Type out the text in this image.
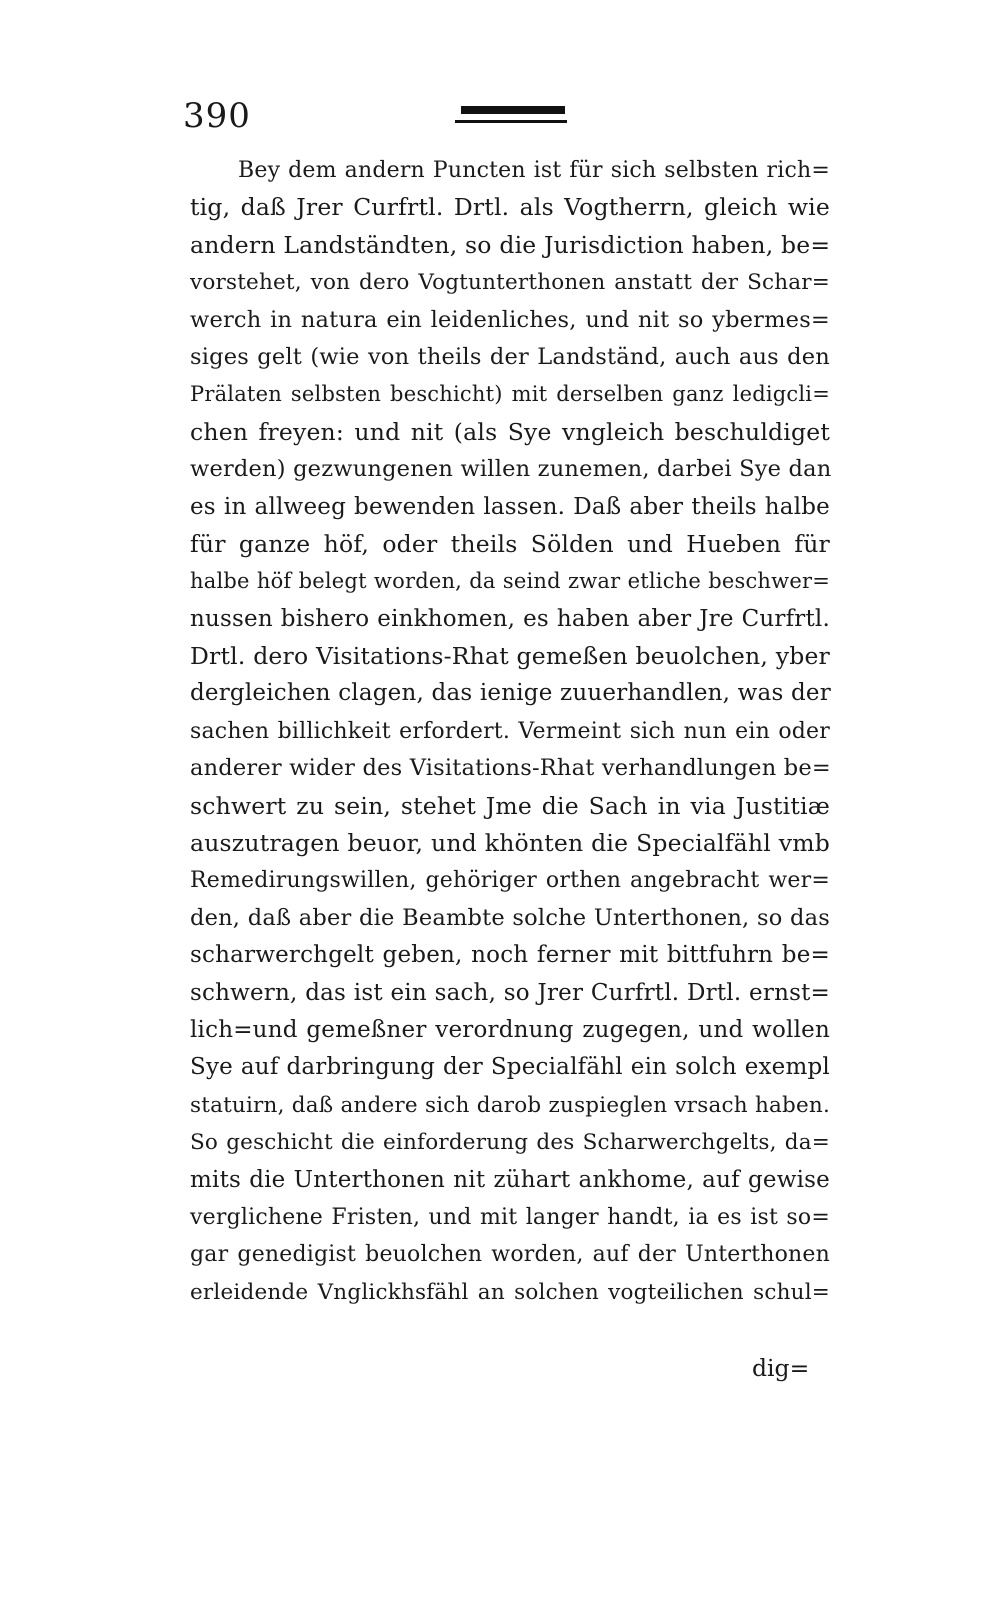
390
Bey dem andern Puncten ist für sich selbsten rich=
tig, daß Jrer Curfrtl. Drtl. als Vogtherrn, gleich wie
andern Landständten, so die Jurisdiction haben, be=
vorstehet, von dero Vogtunterthonen anstatt der Schar=
werch in natura ein leidenliches, und nit so ybermes=
siges gelt (wie von theils der Landständ, auch aus den
Prälaten selbsten beschicht) mit derselben ganz ledigcli=
chen freyen: und nit (als Sye vngleich beschuldiget
werden) gezwungenen willen zunemen, darbei Sye dan
es in allweeg bewenden lassen. Daß aber theils halbe
für ganze höf, oder theils Sölden und Hueben für
halbe höf belegt worden, da seind zwar etliche beschwer=
nussen bishero einkhomen, es haben aber Jre Curfrtl.
Drtl. dero Visitations-Rhat gemeßen beuolchen, yber
dergleichen clagen, das ienige zuuerhandlen, was der
sachen billichkeit erfordert. Vermeint sich nun ein oder
anderer wider des Visitations-Rhat verhandlungen be=
schwert zu sein, stehet Jme die Sach in via Justitiæ
auszutragen beuor, und khönten die Specialfähl vmb
Remedirungswillen, gehöriger orthen angebracht wer=
den, daß aber die Beambte solche Unterthonen, so das
scharwerchgelt geben, noch ferner mit bittfuhrn be=
schwern, das ist ein sach, so Jrer Curfrtl. Drtl. ernst=
lich=und gemeßner verordnung zugegen, und wollen
Sye auf darbringung der Specialfähl ein solch exempl
statuirn, daß andere sich darob zuspieglen vrsach haben.
So geschicht die einforderung des Scharwerchgelts, da=
mits die Unterthonen nit zühart ankhome, auf gewise
verglichene Fristen, und mit langer handt, ia es ist so=
gar genedigist beuolchen worden, auf der Unterthonen
erleidende Vnglickhsfähl an solchen vogteilichen schul=
dig=
